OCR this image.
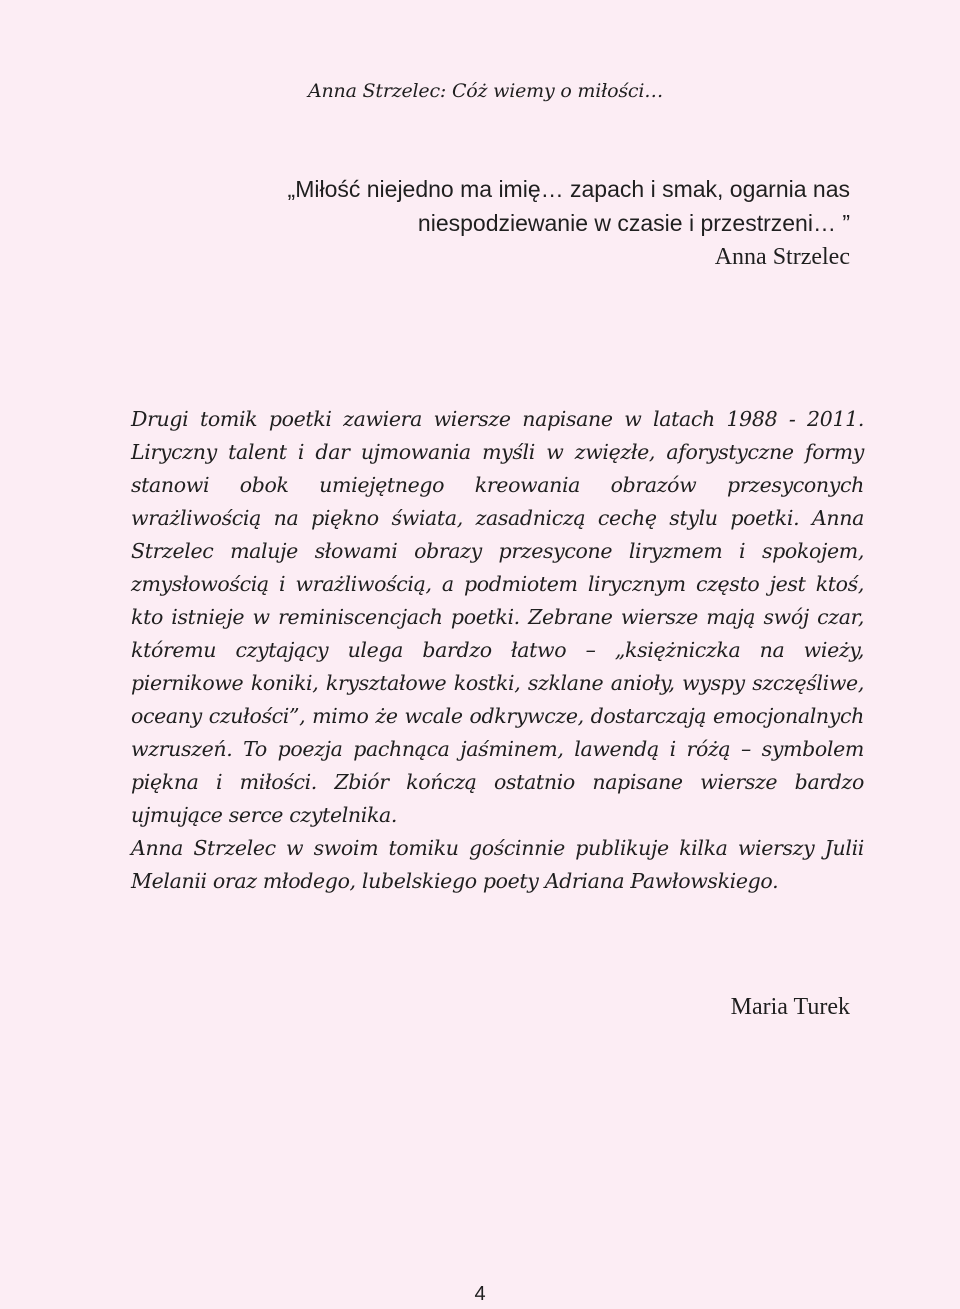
Anna Strzelec: Cóż wiemy o miłości…
„Miłość niejedno ma imię… zapach i smak, ogarnia nas
niespodziewanie w czasie i przestrzeni… ”
Anna Strzelec

Drugi tomik poetki zawiera wiersze napisane w latach 1988 - 2011. Liryczny talent i dar ujmowania myśli w zwięzłe, aforystyczne formy stanowi obok umiejętnego kreowania obrazów przesyconych wrażliwością na piękno świata, zasadniczą cechę stylu poetki. Anna Strzelec maluje słowami obrazy przesycone liryzmem i spokojem, zmysłowością i wrażliwością, a podmiotem lirycznym często jest ktoś, kto istnieje w reminiscencjach poetki. Zebrane wiersze mają swój czar, któremu czytający ulega bardzo łatwo – „księżniczka na wieży, piernikowe koniki, kryształowe kostki, szklane anioły, wyspy szczęśliwe, oceany czułości”, mimo że wcale odkrywcze, dostarczają emocjonalnych wzruszeń. To poezja pachnąca jaśminem, lawendą i różą – symbolem piękna i miłości. Zbiór kończą ostatnio napisane wiersze bardzo ujmujące serce czytelnika.

Anna Strzelec w swoim tomiku gościnnie publikuje kilka wierszy Julii Melanii oraz młodego, lubelskiego poety Adriana Pawłowskiego.

Maria Turek
4
